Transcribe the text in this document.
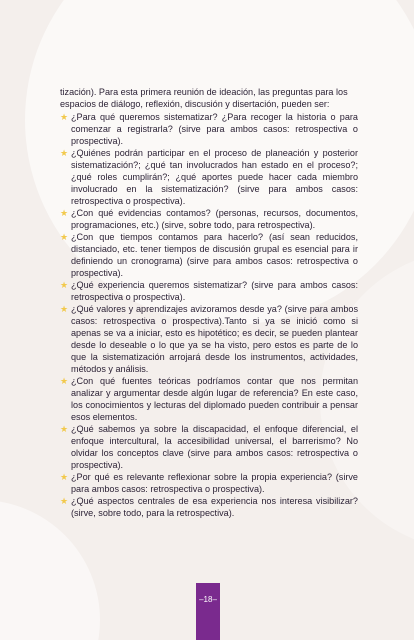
tización). Para esta primera reunión de ideación, las preguntas para los espacios de diálogo, reflexión, discusión y disertación, pueden ser:

★ ¿Para qué queremos sistematizar? ¿Para recoger la historia o para comenzar a registrarla? (sirve para ambos casos: retrospectiva o prospectiva).
★ ¿Quiénes podrán participar en el proceso de planeación y posterior sistematización?; ¿qué tan involucrados han estado en el proceso?; ¿qué roles cumplirán?; ¿qué aportes puede hacer cada miembro involucrado en la sistematización? (sirve para ambos casos: retrospectiva o prospectiva).
★ ¿Con qué evidencias contamos? (personas, recursos, documentos, programaciones, etc.) (sirve, sobre todo, para retrospectiva).
★ ¿Con que tiempos contamos para hacerlo? (así sean reducidos, distanciado, etc. tener tiempos de discusión grupal es esencial para ir definiendo un cronograma) (sirve para ambos casos: retrospectiva o prospectiva).
★ ¿Qué experiencia queremos sistematizar? (sirve para ambos casos: retrospectiva o prospectiva).
★ ¿Qué valores y aprendizajes avizoramos desde ya? (sirve para ambos casos: retrospectiva o prospectiva).Tanto si ya se inició como si apenas se va a iniciar, esto es hipotético; es decir, se pueden plantear desde lo deseable o lo que ya se ha visto, pero estos es parte de lo que la sistematización arrojará desde los instrumentos, actividades, métodos y análisis.
★ ¿Con qué fuentes teóricas podríamos contar que nos permitan analizar y argumentar desde algún lugar de referencia? En este caso, los conocimientos y lecturas del diplomado pueden contribuir a pensar esos elementos.
★ ¿Qué sabemos ya sobre la discapacidad, el enfoque diferencial, el enfoque intercultural, la accesibilidad universal, el barrerismo? No olvidar los conceptos clave (sirve para ambos casos: retrospectiva o prospectiva).
★ ¿Por qué es relevante reflexionar sobre la propia experiencia? (sirve para ambos casos: retrospectiva o prospectiva).
★ ¿Qué aspectos centrales de esa experiencia nos interesa visibilizar? (sirve, sobre todo, para la retrospectiva).
–18–
